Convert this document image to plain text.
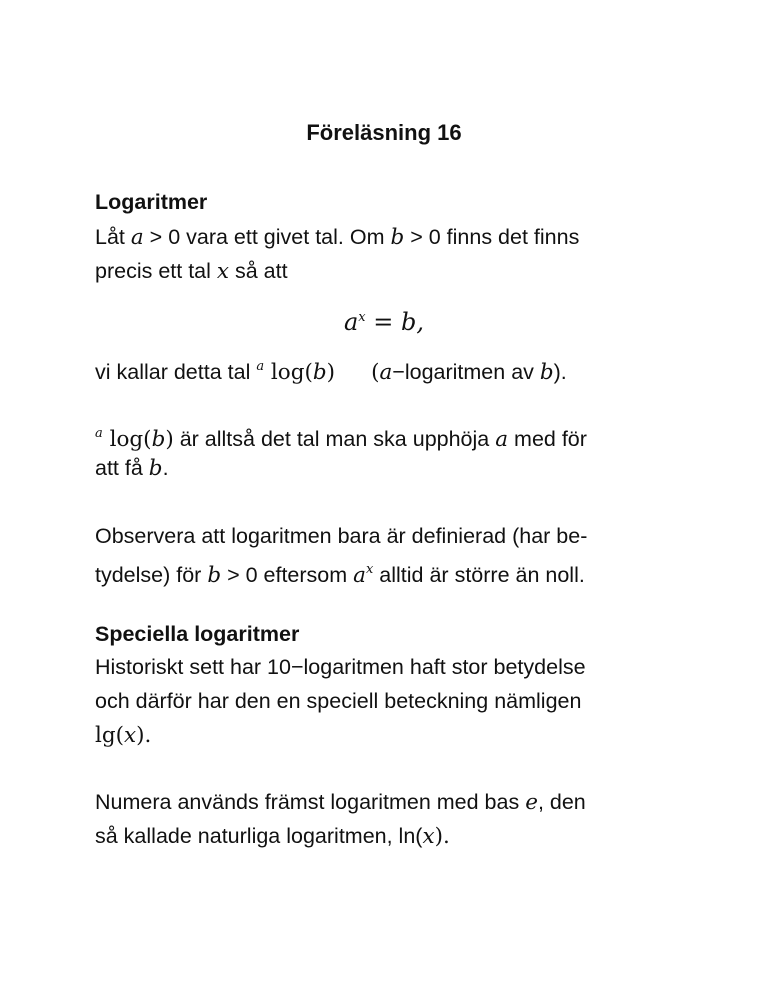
Föreläsning 16
Logaritmer
Låt a > 0 vara ett givet tal. Om b > 0 finns det finns
precis ett tal x så att
$a^x = b$,
vi kallar detta tal $^a$ log(b) (a−logaritmen av b).
$^a$ log(b) är alltså det tal man ska upphöja a med för
att få b.
Observera att logaritmen bara är definierad (har be-
tydelse) för b > 0 eftersom $a^x$ alltid är större än noll.
Speciella logaritmer
Historiskt sett har 10−logaritmen haft stor betydelse
och därför har den en speciell beteckning nämligen
lg(x).
Numera används främst logaritmen med bas e, den
så kallade naturliga logaritmen, ln(x).
